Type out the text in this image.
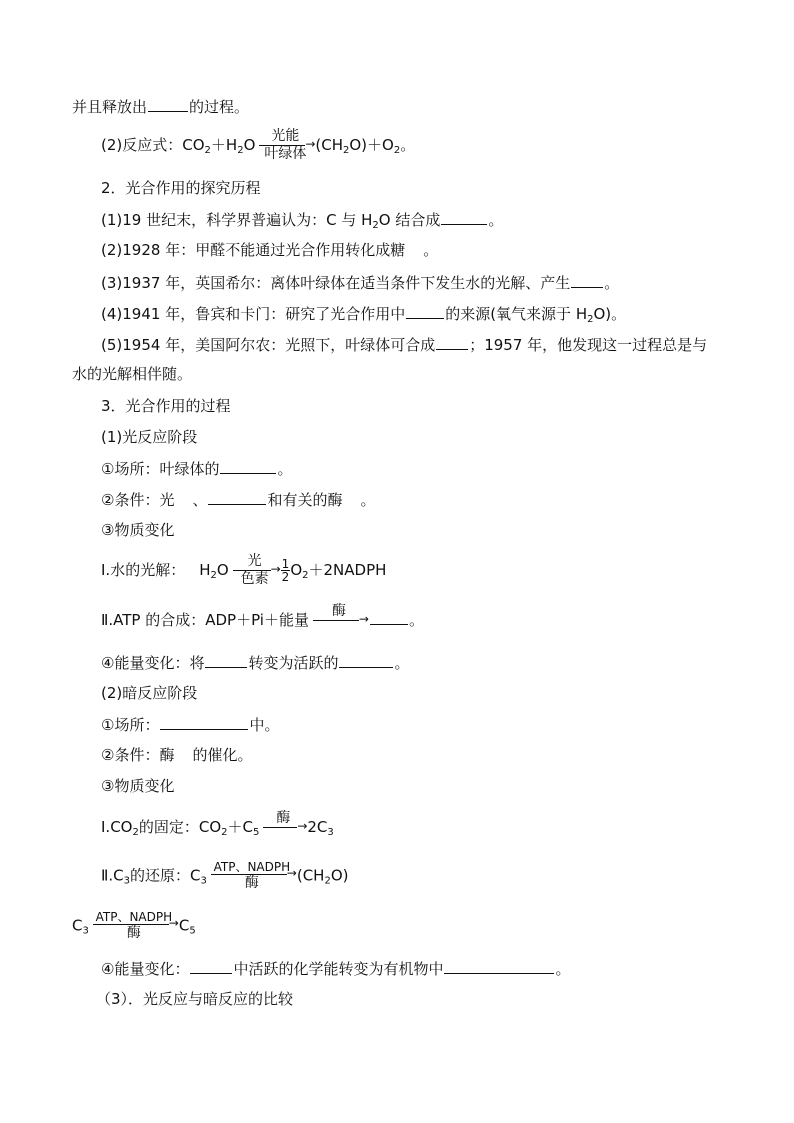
并且释放出	的过程。
(2)反应式：$CO_2+H_2O$	光能
→
叶绿体 $(CH_2O)+O_2$。
2．光合作用的探究历程
(1)19 世纪末，科学界普遍认为：C 与 $H_2O$ 结合成	。
(2)1928 年：甲醛不能通过光合作用转化成糖 。
(3)1937 年，英国希尔：离体叶绿体在适当条件下发生水的光解、产生 。
(4)1941 年，鲁宾和卡门：研究了光合作用中	的来源(氧气来源于 $H_2O$)。
(5)1954 年，美国阿尔农：光照下，叶绿体可合成 ；1957 年，他发现这一过程总是与
水的光解相伴随。
3．光合作用的过程
(1)光反应阶段
①场所：叶绿体的	。
②条件：光 、	和有关的酶 。
③物质变化
Ⅰ.水的光解： $H_2O$	光
→
色素	$\frac{1}{2}$ $O_2+2NADPH$
Ⅱ.ATP 的合成：ADP＋Pi＋能量	酶 →
	。
④能量变化：将	转变为活跃的	。
(2)暗反应阶段
①场所：	中。
②条件：酶 的催化。
③物质变化
$Ⅰ.CO_2$的固定：$CO_2+C_5$
酶 →
	$2C_3$
$Ⅱ.C_3$的还原：$C_3$
ATP、NADPH
→
酶	$(CH_2O)$
$C_3$
ATP、NADPH
→
酶	$C_5$
④能量变化：	中活跃的化学能转变为有机物中	。
（3）．光反应与暗反应的比较
